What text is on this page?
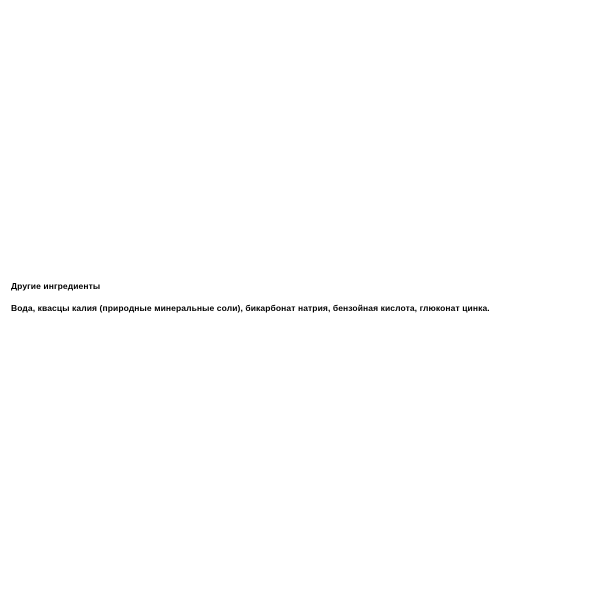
Другие ингредиенты

Вода, квасцы калия (природные минеральные соли), бикарбонат натрия, бензойная кислота, глюконат цинка.
